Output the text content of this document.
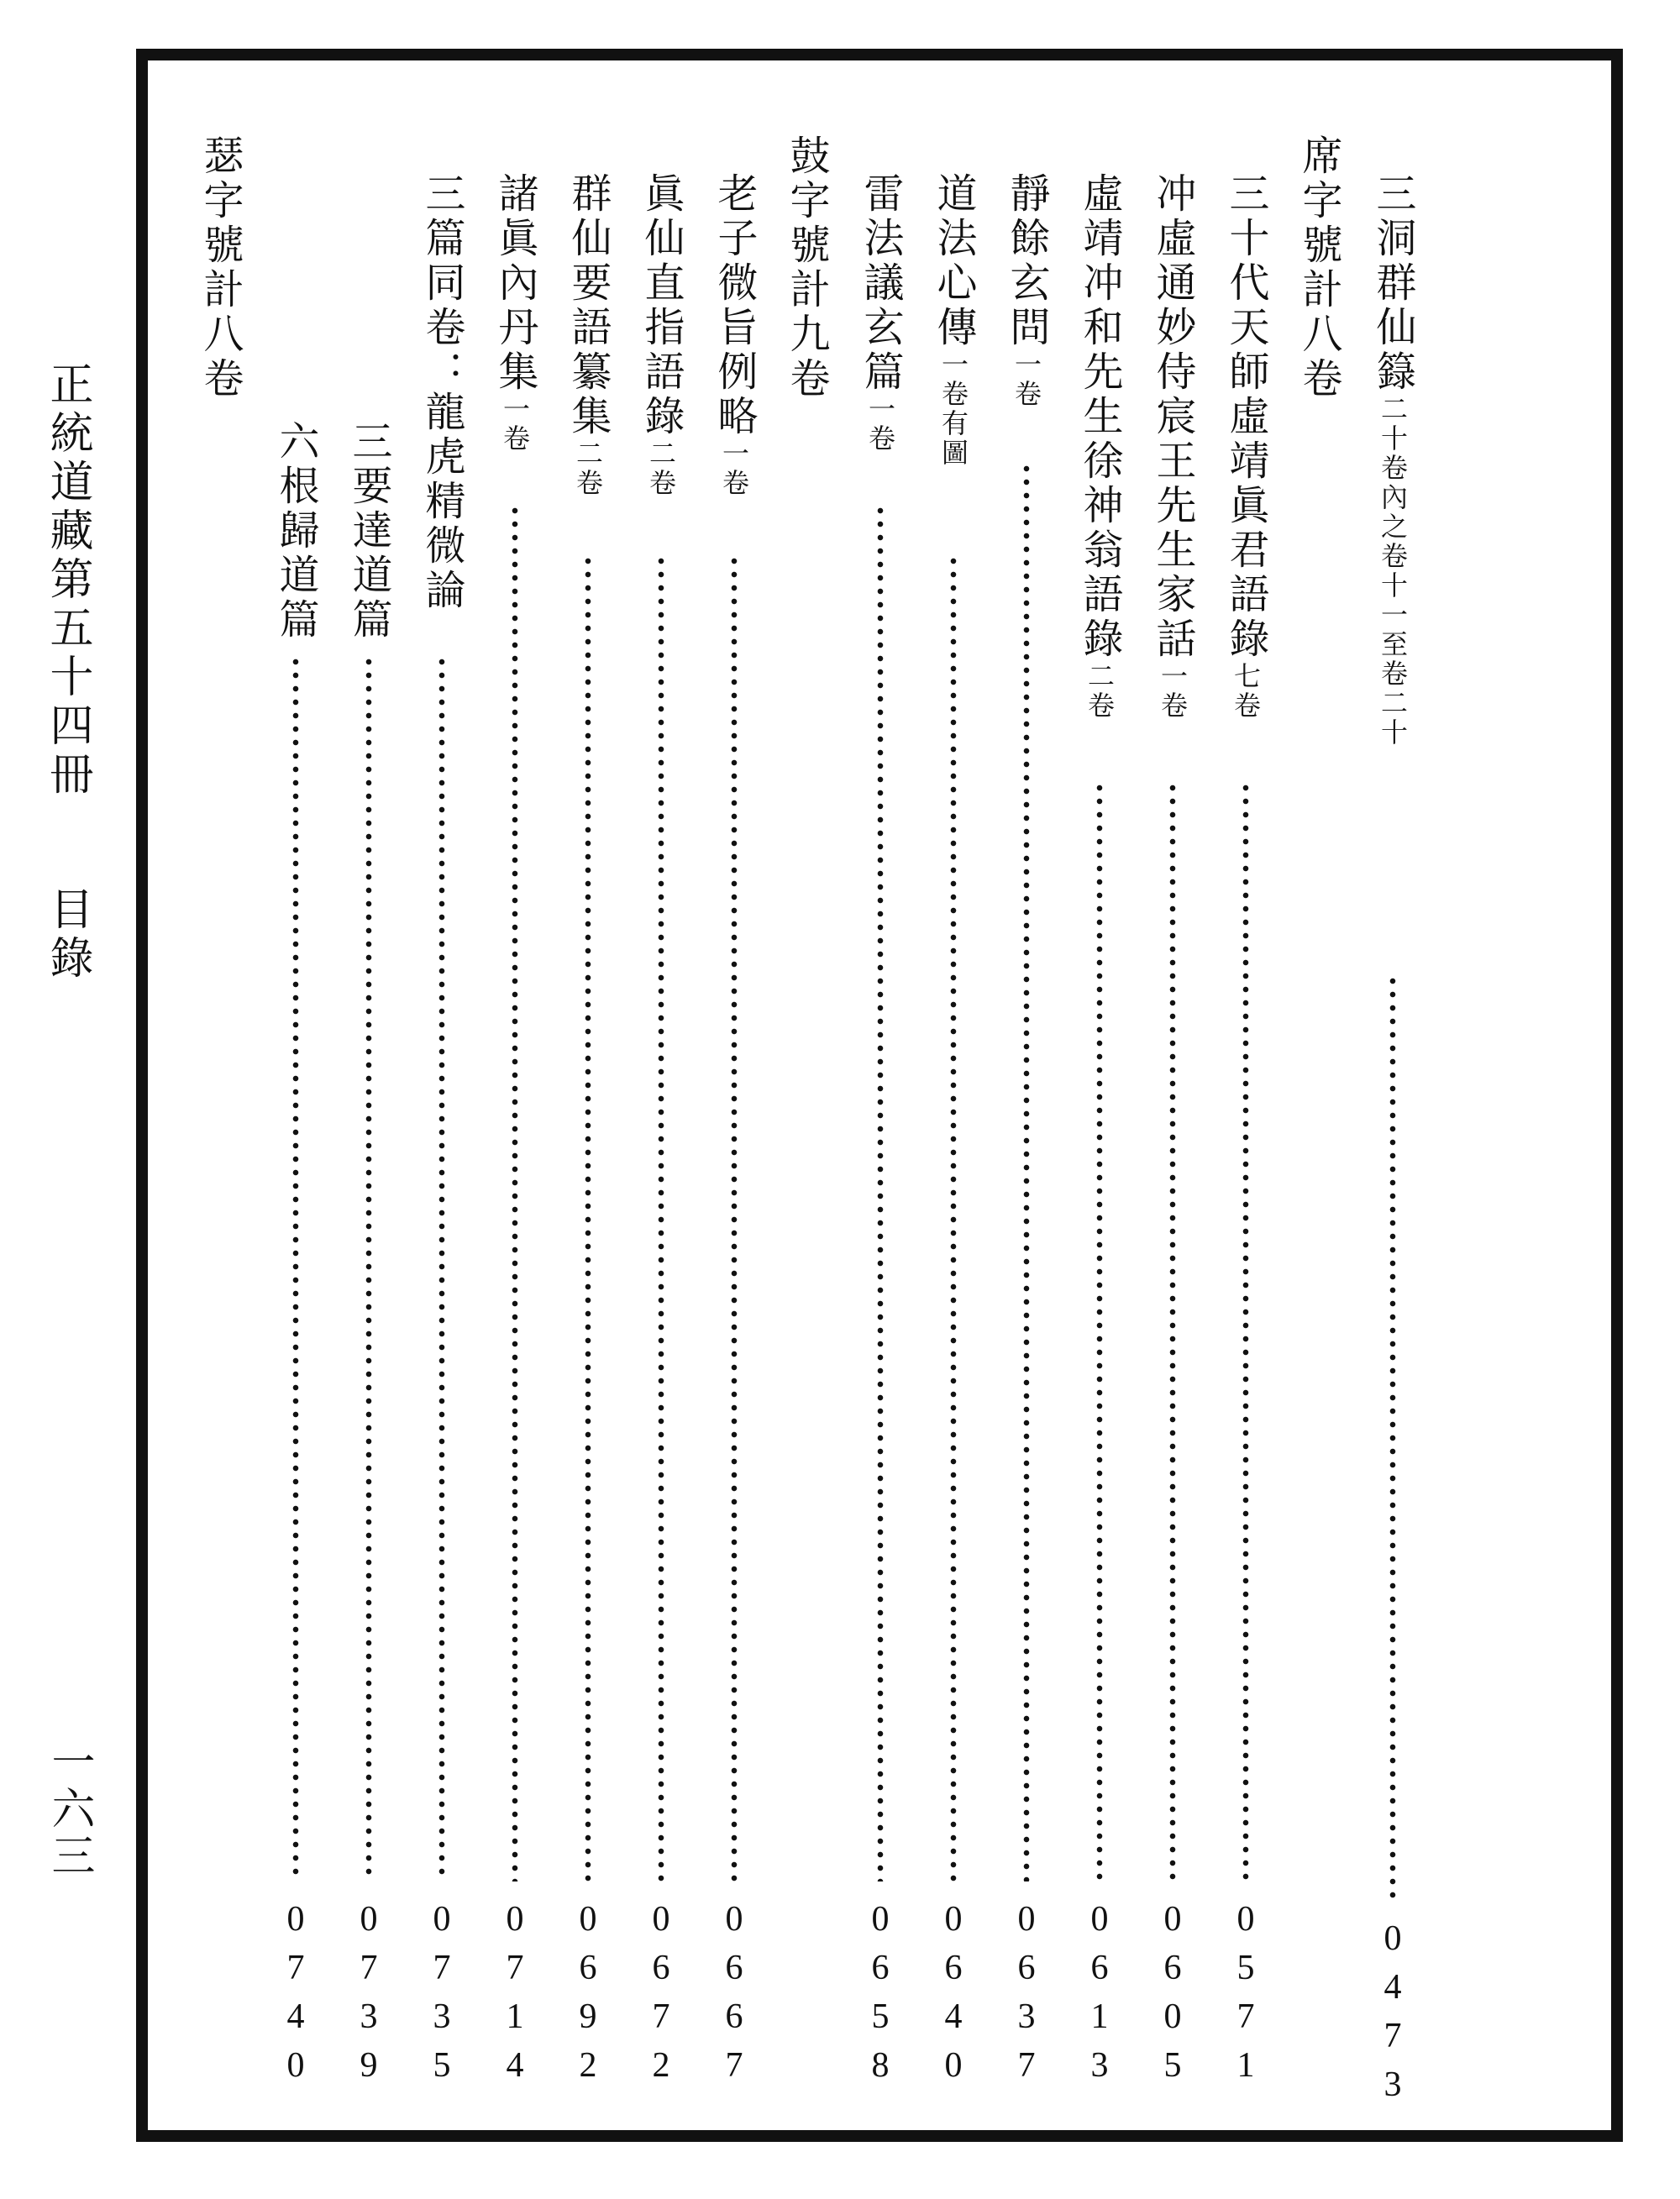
正統道藏第五十四冊 　 目錄
一六三
三洞群仙籙二十卷內之卷十一至卷二十
0473
席字號計八卷
三十代天師虛靖眞君語錄七卷
0571
冲虛通妙侍宸王先生家話一卷
0605
虛靖冲和先生徐神翁語錄二卷
0613
靜餘玄問一卷
0637
道法心傳一卷有圖
0640
雷法議玄篇一卷
0658
鼓字號計九卷
老子微旨例略一卷
0667
眞仙直指語錄二卷
0672
群仙要語纂集二卷
0692
諸眞內丹集一卷
0714
三篇同卷：龍虎精微論
0735
三要達道篇
0739
六根歸道篇
0740
瑟字號計八卷
